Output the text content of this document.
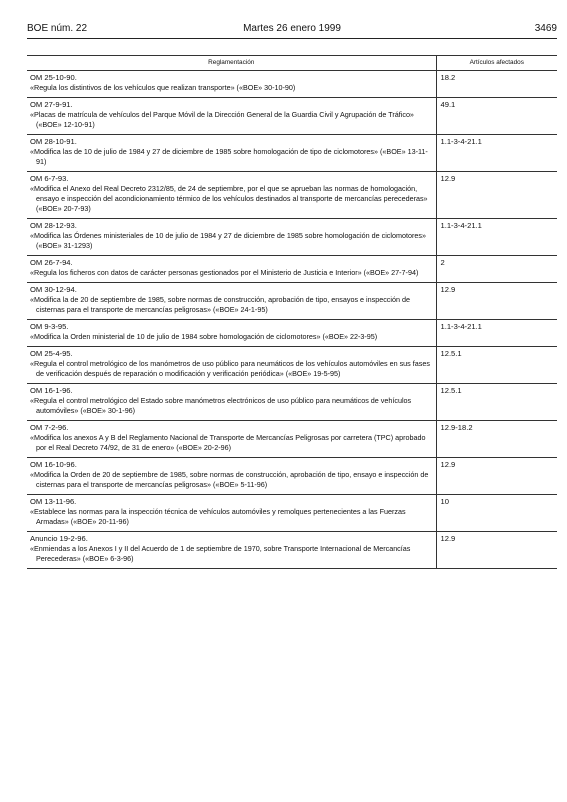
BOE núm. 22	Martes 26 enero 1999	3469
Reglamentación	Artículos afectados

OM 25-10-90.
«Regula los distintivos de los vehículos que realizan transporte» («BOE» 30-10-90)	18.2

OM 27-9-91.
«Placas de matrícula de vehículos del Parque Móvil de la Dirección General de la Guardia Civil y Agrupación de Tráfico» («BOE» 12-10-91)	49.1

OM 28-10-91.
«Modifica las de 10 de julio de 1984 y 27 de diciembre de 1985 sobre homologación de tipo de ciclomotores» («BOE» 13-11-91)	1.1-3-4-21.1

OM 6-7-93.
«Modifica el Anexo del Real Decreto 2312/85, de 24 de septiembre, por el que se aprueban las normas de homologación, ensayo e inspección del acondicionamiento térmico de los vehículos destinados al transporte de mercancías perecederas» («BOE» 20-7-93)	12.9

OM 28-12-93.
«Modifica las Órdenes ministeriales de 10 de julio de 1984 y 27 de diciembre de 1985 sobre homologación de ciclomotores» («BOE» 31-1293)	1.1-3-4-21.1

OM 26-7-94.
«Regula los ficheros con datos de carácter personas gestionados por el Ministerio de Justicia e Interior» («BOE» 27-7-94)	2

OM 30-12-94.
«Modifica la de 20 de septiembre de 1985, sobre normas de construcción, aprobación de tipo, ensayos e inspección de cisternas para el transporte de mercancías peligrosas» («BOE» 24-1-95)	12.9

OM 9-3-95.
«Modifica la Orden ministerial de 10 de julio de 1984 sobre homologación de ciclomotores» («BOE» 22-3-95)	1.1-3-4-21.1

OM 25-4-95.
«Regula el control metrológico de los manómetros de uso público para neumáticos de los vehículos automóviles en sus fases de verificación después de reparación o modificación y verificación periódica» («BOE» 19-5-95)	12.5.1

OM 16-1-96.
«Regula el control metrológico del Estado sobre manómetros electrónicos de uso público para neumáticos de vehículos automóviles» («BOE» 30-1-96)	12.5.1

OM 7-2-96.
«Modifica los anexos A y B del Reglamento Nacional de Transporte de Mercancías Peligrosas por carretera (TPC) aprobado por el Real Decreto 74/92, de 31 de enero» («BOE» 20-2-96)	12.9-18.2

OM 16-10-96.
«Modifica la Orden de 20 de septiembre de 1985, sobre normas de construcción, aprobación de tipo, ensayo e inspección de cisternas para el transporte de mercancías peligrosas» («BOE» 5-11-96)	12.9

OM 13-11-96.
«Establece las normas para la inspección técnica de vehículos automóviles y remolques pertenecientes a las Fuerzas Armadas» («BOE» 20-11-96)	10

Anuncio 19-2-96.
«Enmiendas a los Anexos I y II del Acuerdo de 1 de septiembre de 1970, sobre Transporte Internacional de Mercancías Perecederas» («BOE» 6-3-96)	12.9
